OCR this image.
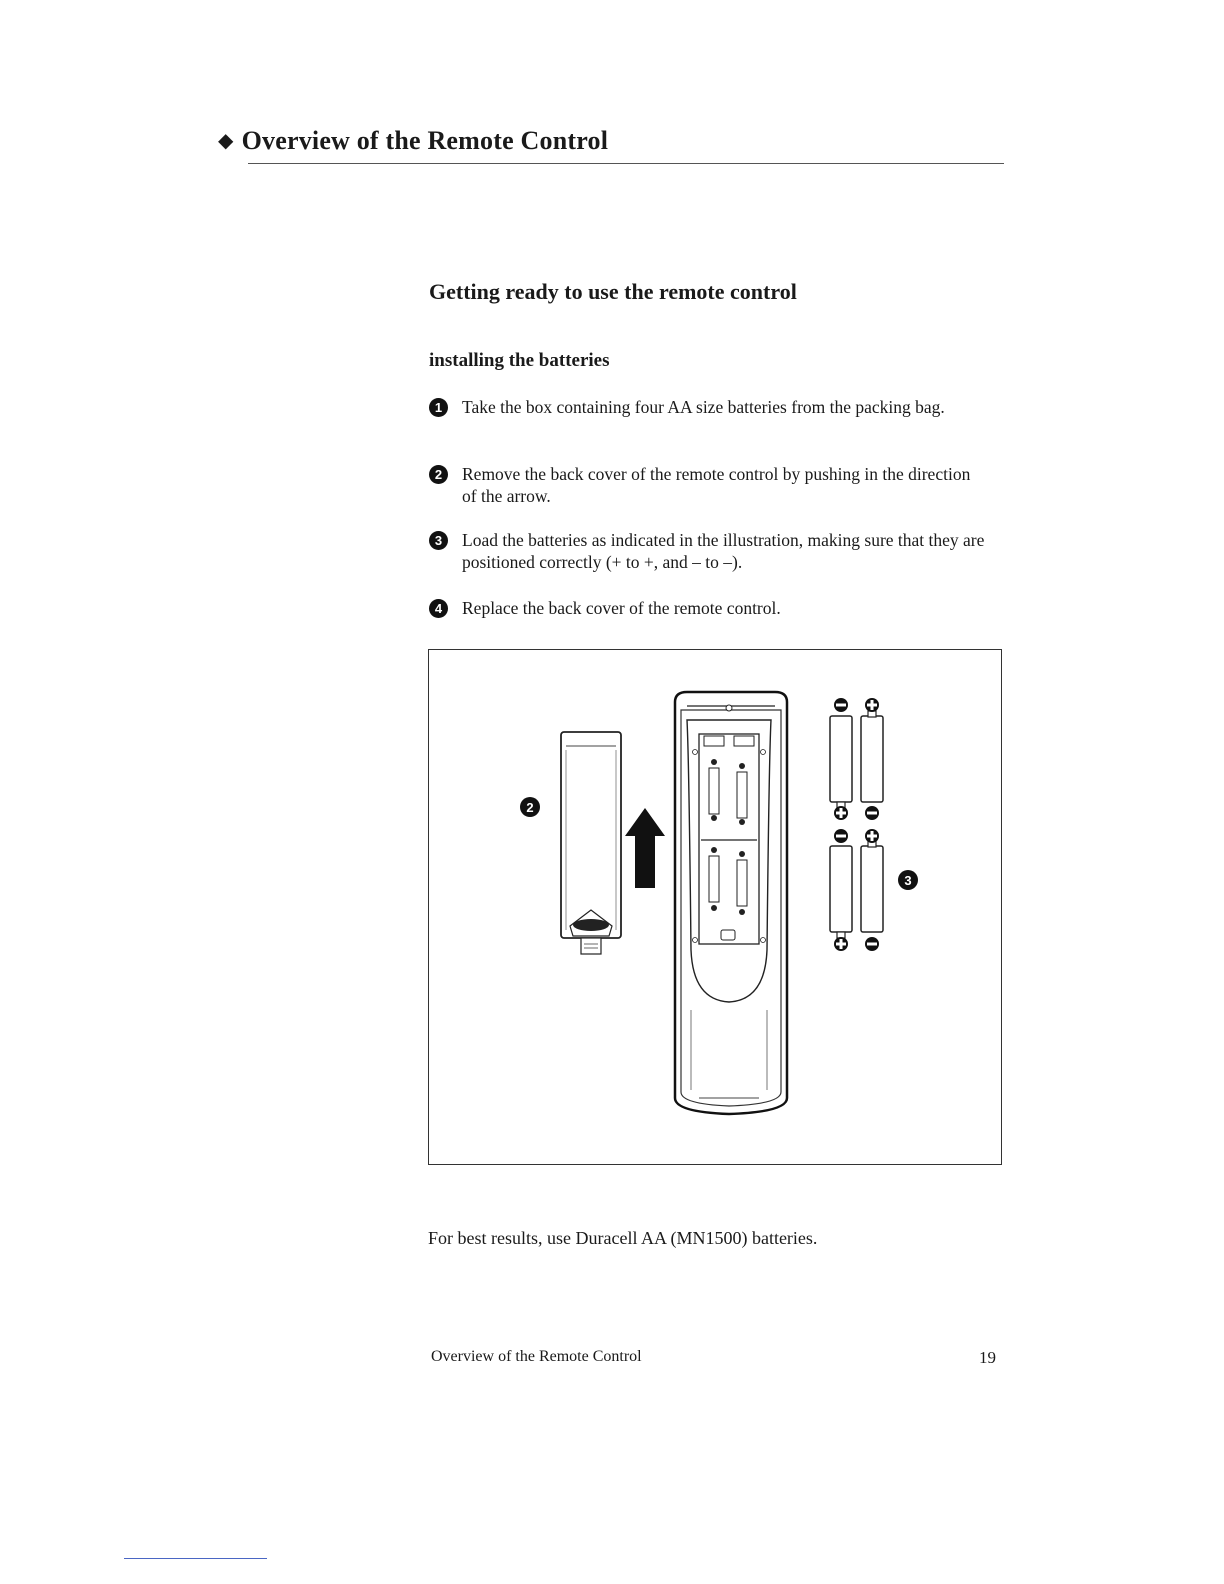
◆ Overview of the Remote Control
Getting ready to use the remote control
installing the batteries
1	Take the box containing four AA size batteries from the packing bag.
2	Remove the back cover of the remote control by pushing in the direction of the arrow.
3	Load the batteries as indicated in the illustration, making sure that they are positioned correctly (+ to +, and – to –).
4	Replace the back cover of the remote control.
2
3
For best results, use Duracell AA (MN1500) batteries.
Overview of the Remote Control	19
